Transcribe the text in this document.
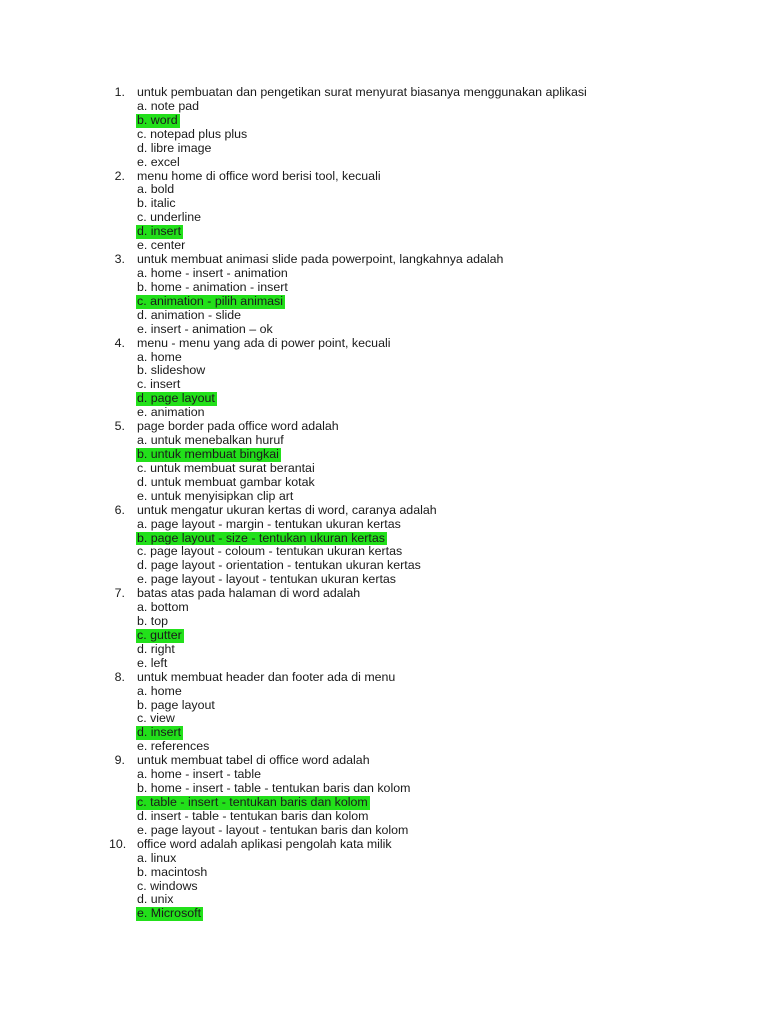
1. untuk pembuatan dan pengetikan surat menyurat biasanya menggunakan aplikasi
a. note pad
b. word
c. notepad plus plus
d. libre image
e. excel
2. menu home di office word berisi tool, kecuali
a. bold
b. italic
c. underline
d. insert
e. center
3. untuk membuat animasi slide pada powerpoint, langkahnya adalah
a. home - insert - animation
b. home - animation - insert
c. animation - pilih animasi
d. animation - slide
e. insert - animation – ok
4. menu - menu yang ada di power point, kecuali
a. home
b. slideshow
c. insert
d. page layout
e. animation
5. page border pada office word adalah
a. untuk menebalkan huruf
b. untuk membuat bingkai
c. untuk membuat surat berantai
d. untuk membuat gambar kotak
e. untuk menyisipkan clip art
6. untuk mengatur ukuran kertas di word, caranya adalah
a. page layout - margin - tentukan ukuran kertas
b. page layout - size - tentukan ukuran kertas
c. page layout - coloum - tentukan ukuran kertas
d. page layout - orientation - tentukan ukuran kertas
e. page layout - layout - tentukan ukuran kertas
7. batas atas pada halaman di word adalah
a. bottom
b. top
c. gutter
d. right
e. left
8. untuk membuat header dan footer ada di menu
a. home
b. page layout
c. view
d. insert
e. references
9. untuk membuat tabel di office word adalah
a. home - insert - table
b. home - insert - table - tentukan baris dan kolom
c. table - insert - tentukan baris dan kolom
d. insert - table - tentukan baris dan kolom
e. page layout - layout - tentukan baris dan kolom
10. office word adalah aplikasi pengolah kata milik
a. linux
b. macintosh
c. windows
d. unix
e. Microsoft
